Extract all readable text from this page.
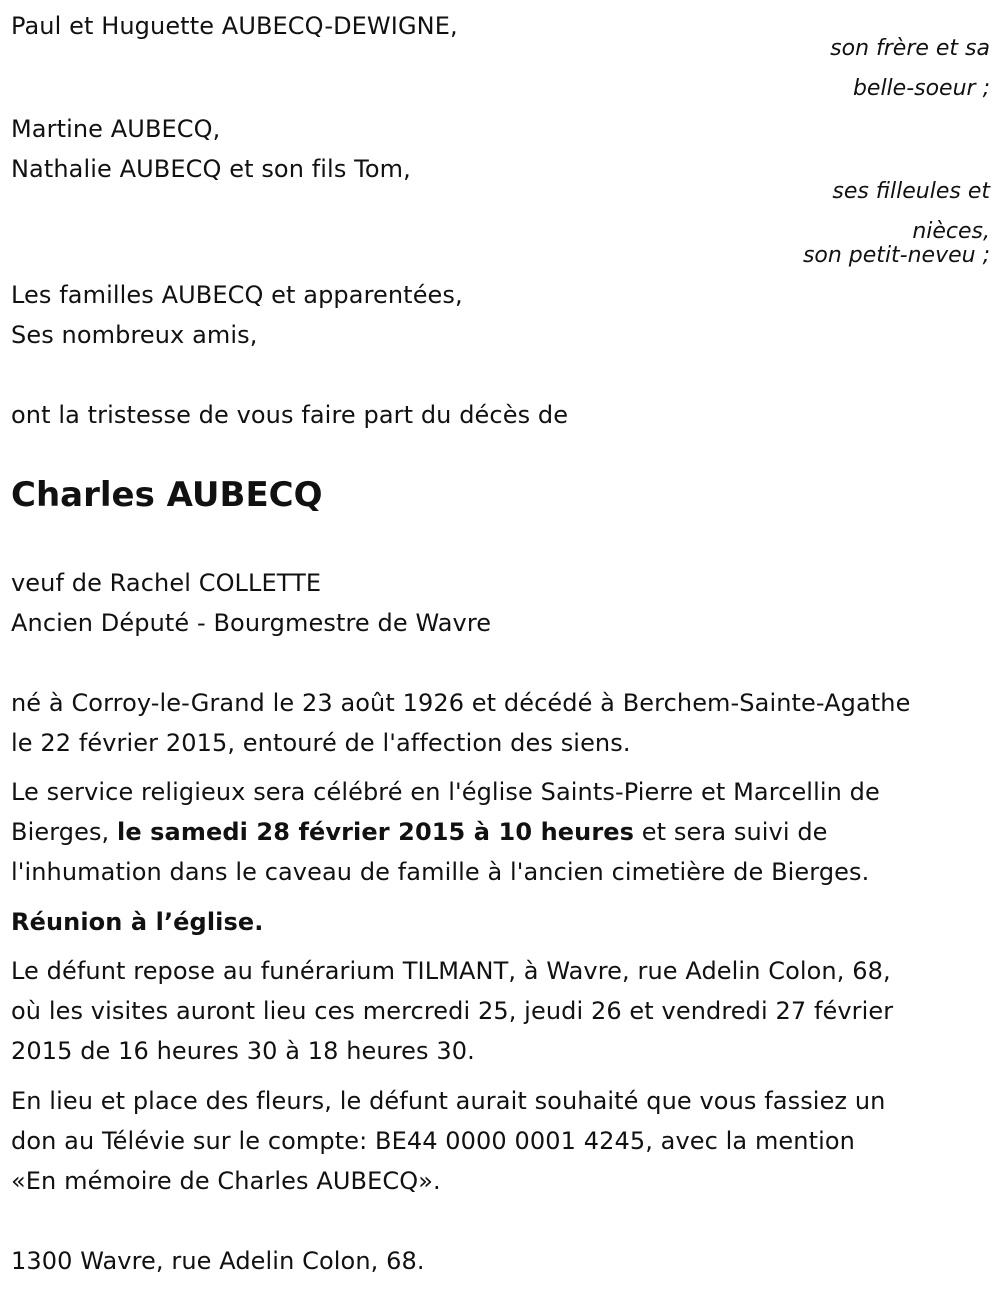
Paul et Huguette AUBECQ-DEWIGNE,
son frère et sa
belle-soeur ;
Martine AUBECQ,
Nathalie AUBECQ et son fils Tom,
ses filleules et
nièces,
son petit-neveu ;
Les familles AUBECQ et apparentées,
Ses nombreux amis,
ont la tristesse de vous faire part du décès de
Charles AUBECQ
veuf de Rachel COLLETTE
Ancien Député - Bourgmestre de Wavre
né à Corroy-le-Grand le 23 août 1926 et décédé à Berchem-Sainte-Agathe
le 22 février 2015, entouré de l'affection des siens.
Le service religieux sera célébré en l'église Saints-Pierre et Marcellin de
Bierges, le samedi 28 février 2015 à 10 heures et sera suivi de
l'inhumation dans le caveau de famille à l'ancien cimetière de Bierges.
Réunion à l’église.
Le défunt repose au funérarium TILMANT, à Wavre, rue Adelin Colon, 68,
où les visites auront lieu ces mercredi 25, jeudi 26 et vendredi 27 février
2015 de 16 heures 30 à 18 heures 30.
En lieu et place des fleurs, le défunt aurait souhaité que vous fassiez un
don au Télévie sur le compte: BE44 0000 0001 4245, avec la mention
«En mémoire de Charles AUBECQ».
1300 Wavre, rue Adelin Colon, 68.
